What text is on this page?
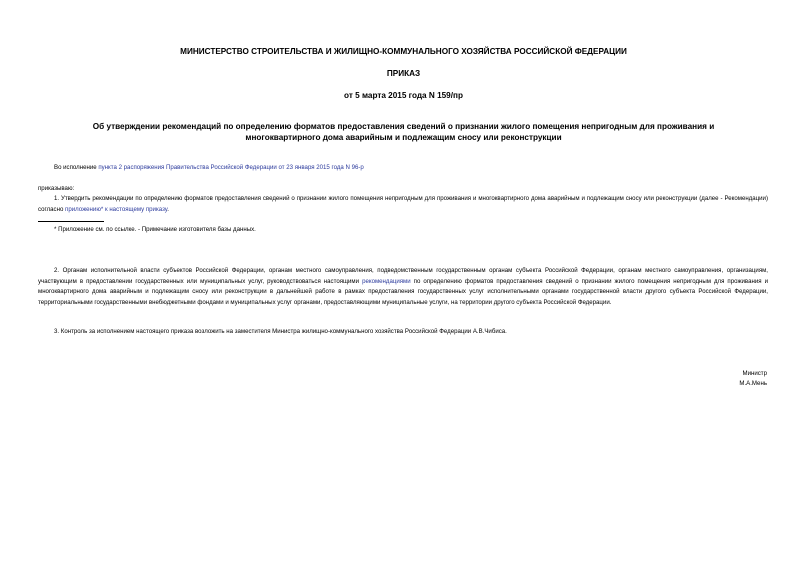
МИНИСТЕРСТВО СТРОИТЕЛЬСТВА И ЖИЛИЩНО-КОММУНАЛЬНОГО ХОЗЯЙСТВА РОССИЙСКОЙ ФЕДЕРАЦИИ
ПРИКАЗ
от 5 марта 2015 года N 159/пр
Об утверждении рекомендаций по определению форматов предоставления сведений о признании жилого помещения непригодным для проживания и многоквартирного дома аварийным и подлежащим сносу или реконструкции
Во исполнение пункта 2 распоряжения Правительства Российской Федерации от 23 января 2015 года N 96-р
приказываю:
1. Утвердить рекомендации по определению форматов предоставления сведений о признании жилого помещения непригодным для проживания и многоквартирного дома аварийным и подлежащим сносу или реконструкции (далее - Рекомендации) согласно приложению* к настоящему приказу.
* Приложение см. по ссылке. - Примечание изготовителя базы данных.
2. Органам исполнительной власти субъектов Российской Федерации, органам местного самоуправления, подведомственным государственным органам субъекта Российской Федерации, органам местного самоуправления, организациям, участвующим в предоставлении государственных или муниципальных услуг, руководствоваться настоящими рекомендациями по определению форматов предоставления сведений о признании жилого помещения непригодным для проживания и многоквартирного дома аварийным и подлежащим сносу или реконструкции в дальнейшей работе в рамках предоставления государственных услуг исполнительными органами государственной власти другого субъекта Российской Федерации, территориальными государственными внебюджетными фондами и муниципальных услуг органами, предоставляющими муниципальные услуги, на территории другого субъекта Российской Федерации.
3. Контроль за исполнением настоящего приказа возложить на заместителя Министра жилищно-коммунального хозяйства Российской Федерации А.В.Чибиса.
Министр
М.А.Мень
